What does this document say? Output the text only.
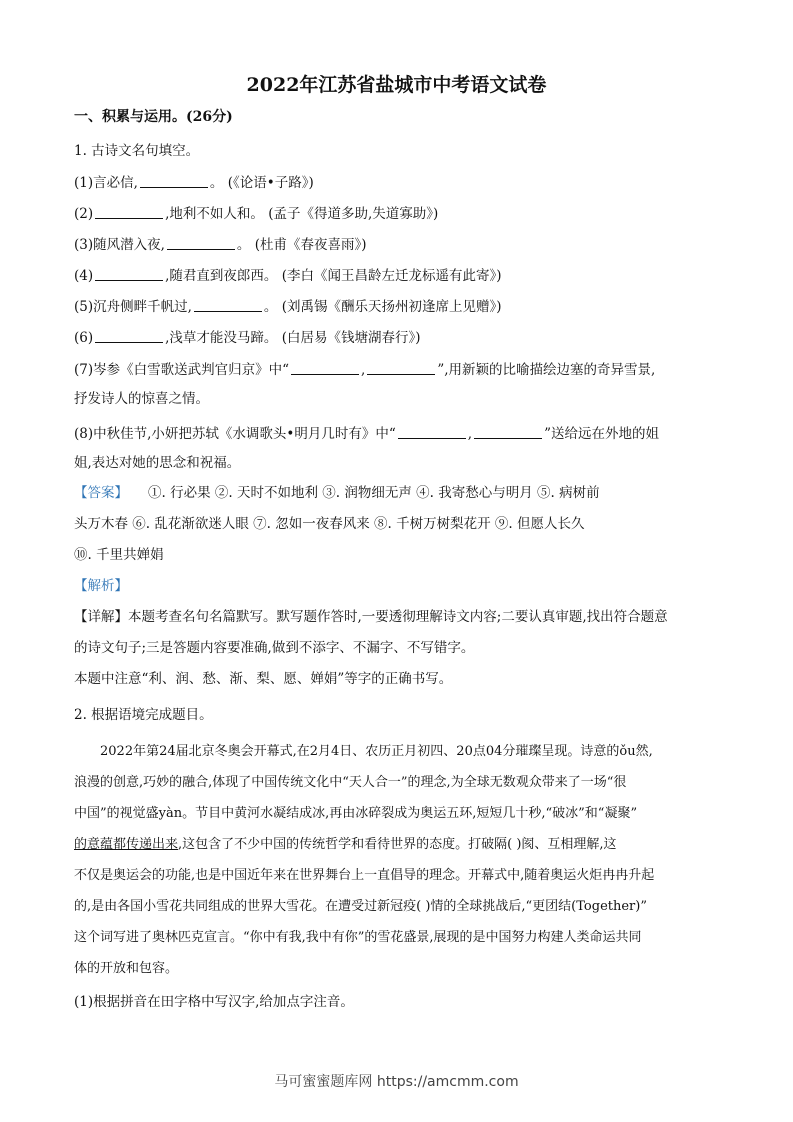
2022年江苏省盐城市中考语文试卷
一、积累与运用。(26分)
1. 古诗文名句填空。
(1)言必信,	。 (《论语•子路》)
(2)	,地利不如人和。 (孟子《得道多助,失道寡助》)
(3)随风潜入夜,	。 (杜甫《春夜喜雨》)
(4)	,随君直到夜郎西。 (李白《闻王昌龄左迁龙标遥有此寄》)
(5)沉舟侧畔千帆过,	。 (刘禹锡《酬乐天扬州初逢席上见赠》)
(6)	,浅草才能没马蹄。 (白居易《钱塘湖春行》)
(7)岑参《白雪歌送武判官归京》中“	,	”,用新颖的比喻描绘边塞的奇异雪景,
抒发诗人的惊喜之情。
(8)中秋佳节,小妍把苏轼《水调歌头•明月几时有》中“	,	”送给远在外地的姐
姐,表达对她的思念和祝福。
【答案】 ①. 行必果 ②. 天时不如地利 ③. 润物细无声 ④. 我寄愁心与明月 ⑤. 病树前
头万木春 ⑥. 乱花渐欲迷人眼 ⑦. 忽如一夜春风来 ⑧. 千树万树梨花开 ⑨. 但愿人长久
⑩. 千里共婵娟
【解析】
【详解】本题考查名句名篇默写。默写题作答时,一要透彻理解诗文内容;二要认真审题,找出符合题意
的诗文句子;三是答题内容要准确,做到不添字、不漏字、不写错字。
本题中注意“利、润、愁、渐、梨、愿、婵娟”等字的正确书写。
2. 根据语境完成题目。
2022年第24届北京冬奥会开幕式,在2月4日、农历正月初四、20点04分璀璨呈现。诗意的ǒu然,
浪漫的创意,巧妙的融合,体现了中国传统文化中“天人合一”的理念,为全球无数观众带来了一场“很
中国”的视觉盛yàn。节目中黄河水凝结成冰,再由冰碎裂成为奥运五环,短短几十秒,“破冰”和“凝聚”
的意蕴都传递出来,这包含了不少中国的传统哲学和看待世界的态度。打破隔( )阂、互相理解,这
不仅是奥运会的功能,也是中国近年来在世界舞台上一直倡导的理念。开幕式中,随着奥运火炬冉冉升起
的,是由各国小雪花共同组成的世界大雪花。在遭受过新冠疫( )情的全球挑战后,“更团结(Together)”
这个词写进了奥林匹克宣言。“你中有我,我中有你”的雪花盛景,展现的是中国努力构建人类命运共同
体的开放和包容。
(1)根据拼音在田字格中写汉字,给加点字注音。
马可蜜蜜题库网 https://amcmm.com
